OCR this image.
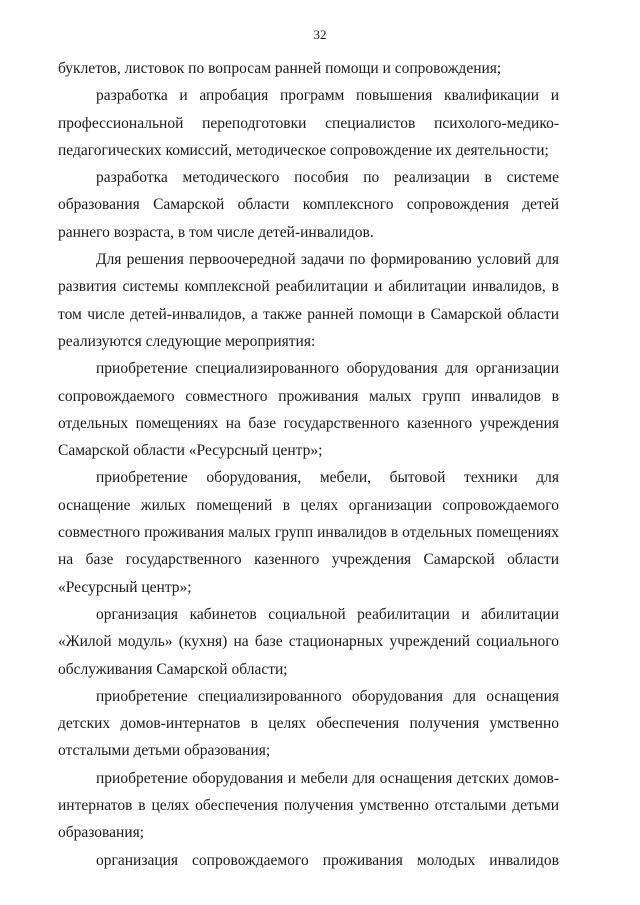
32

буклетов, листовок по вопросам ранней помощи и сопровождения;

разработка и апробация программ повышения квалификации и профессиональной переподготовки специалистов психолого-медико-педагогических комиссий, методическое сопровождение их деятельности;

разработка методического пособия по реализации в системе образования Самарской области комплексного сопровождения детей раннего возраста, в том числе детей-инвалидов.

Для решения первоочередной задачи по формированию условий для развития системы комплексной реабилитации и абилитации инвалидов, в том числе детей-инвалидов, а также ранней помощи в Самарской области реализуются следующие мероприятия:

приобретение специализированного оборудования для организации сопровождаемого совместного проживания малых групп инвалидов в отдельных помещениях на базе государственного казенного учреждения Самарской области «Ресурсный центр»;

приобретение оборудования, мебели, бытовой техники для оснащение жилых помещений в целях организации сопровождаемого совместного проживания малых групп инвалидов в отдельных помещениях на базе государственного казенного учреждения Самарской области «Ресурсный центр»;

организация кабинетов социальной реабилитации и абилитации «Жилой модуль» (кухня) на базе стационарных учреждений социального обслуживания Самарской области;

приобретение специализированного оборудования для оснащения детских домов-интернатов в целях обеспечения получения умственно отсталыми детьми образования;

приобретение оборудования и мебели для оснащения детских домов-интернатов в целях обеспечения получения умственно отсталыми детьми образования;

организация сопровождаемого проживания молодых инвалидов
